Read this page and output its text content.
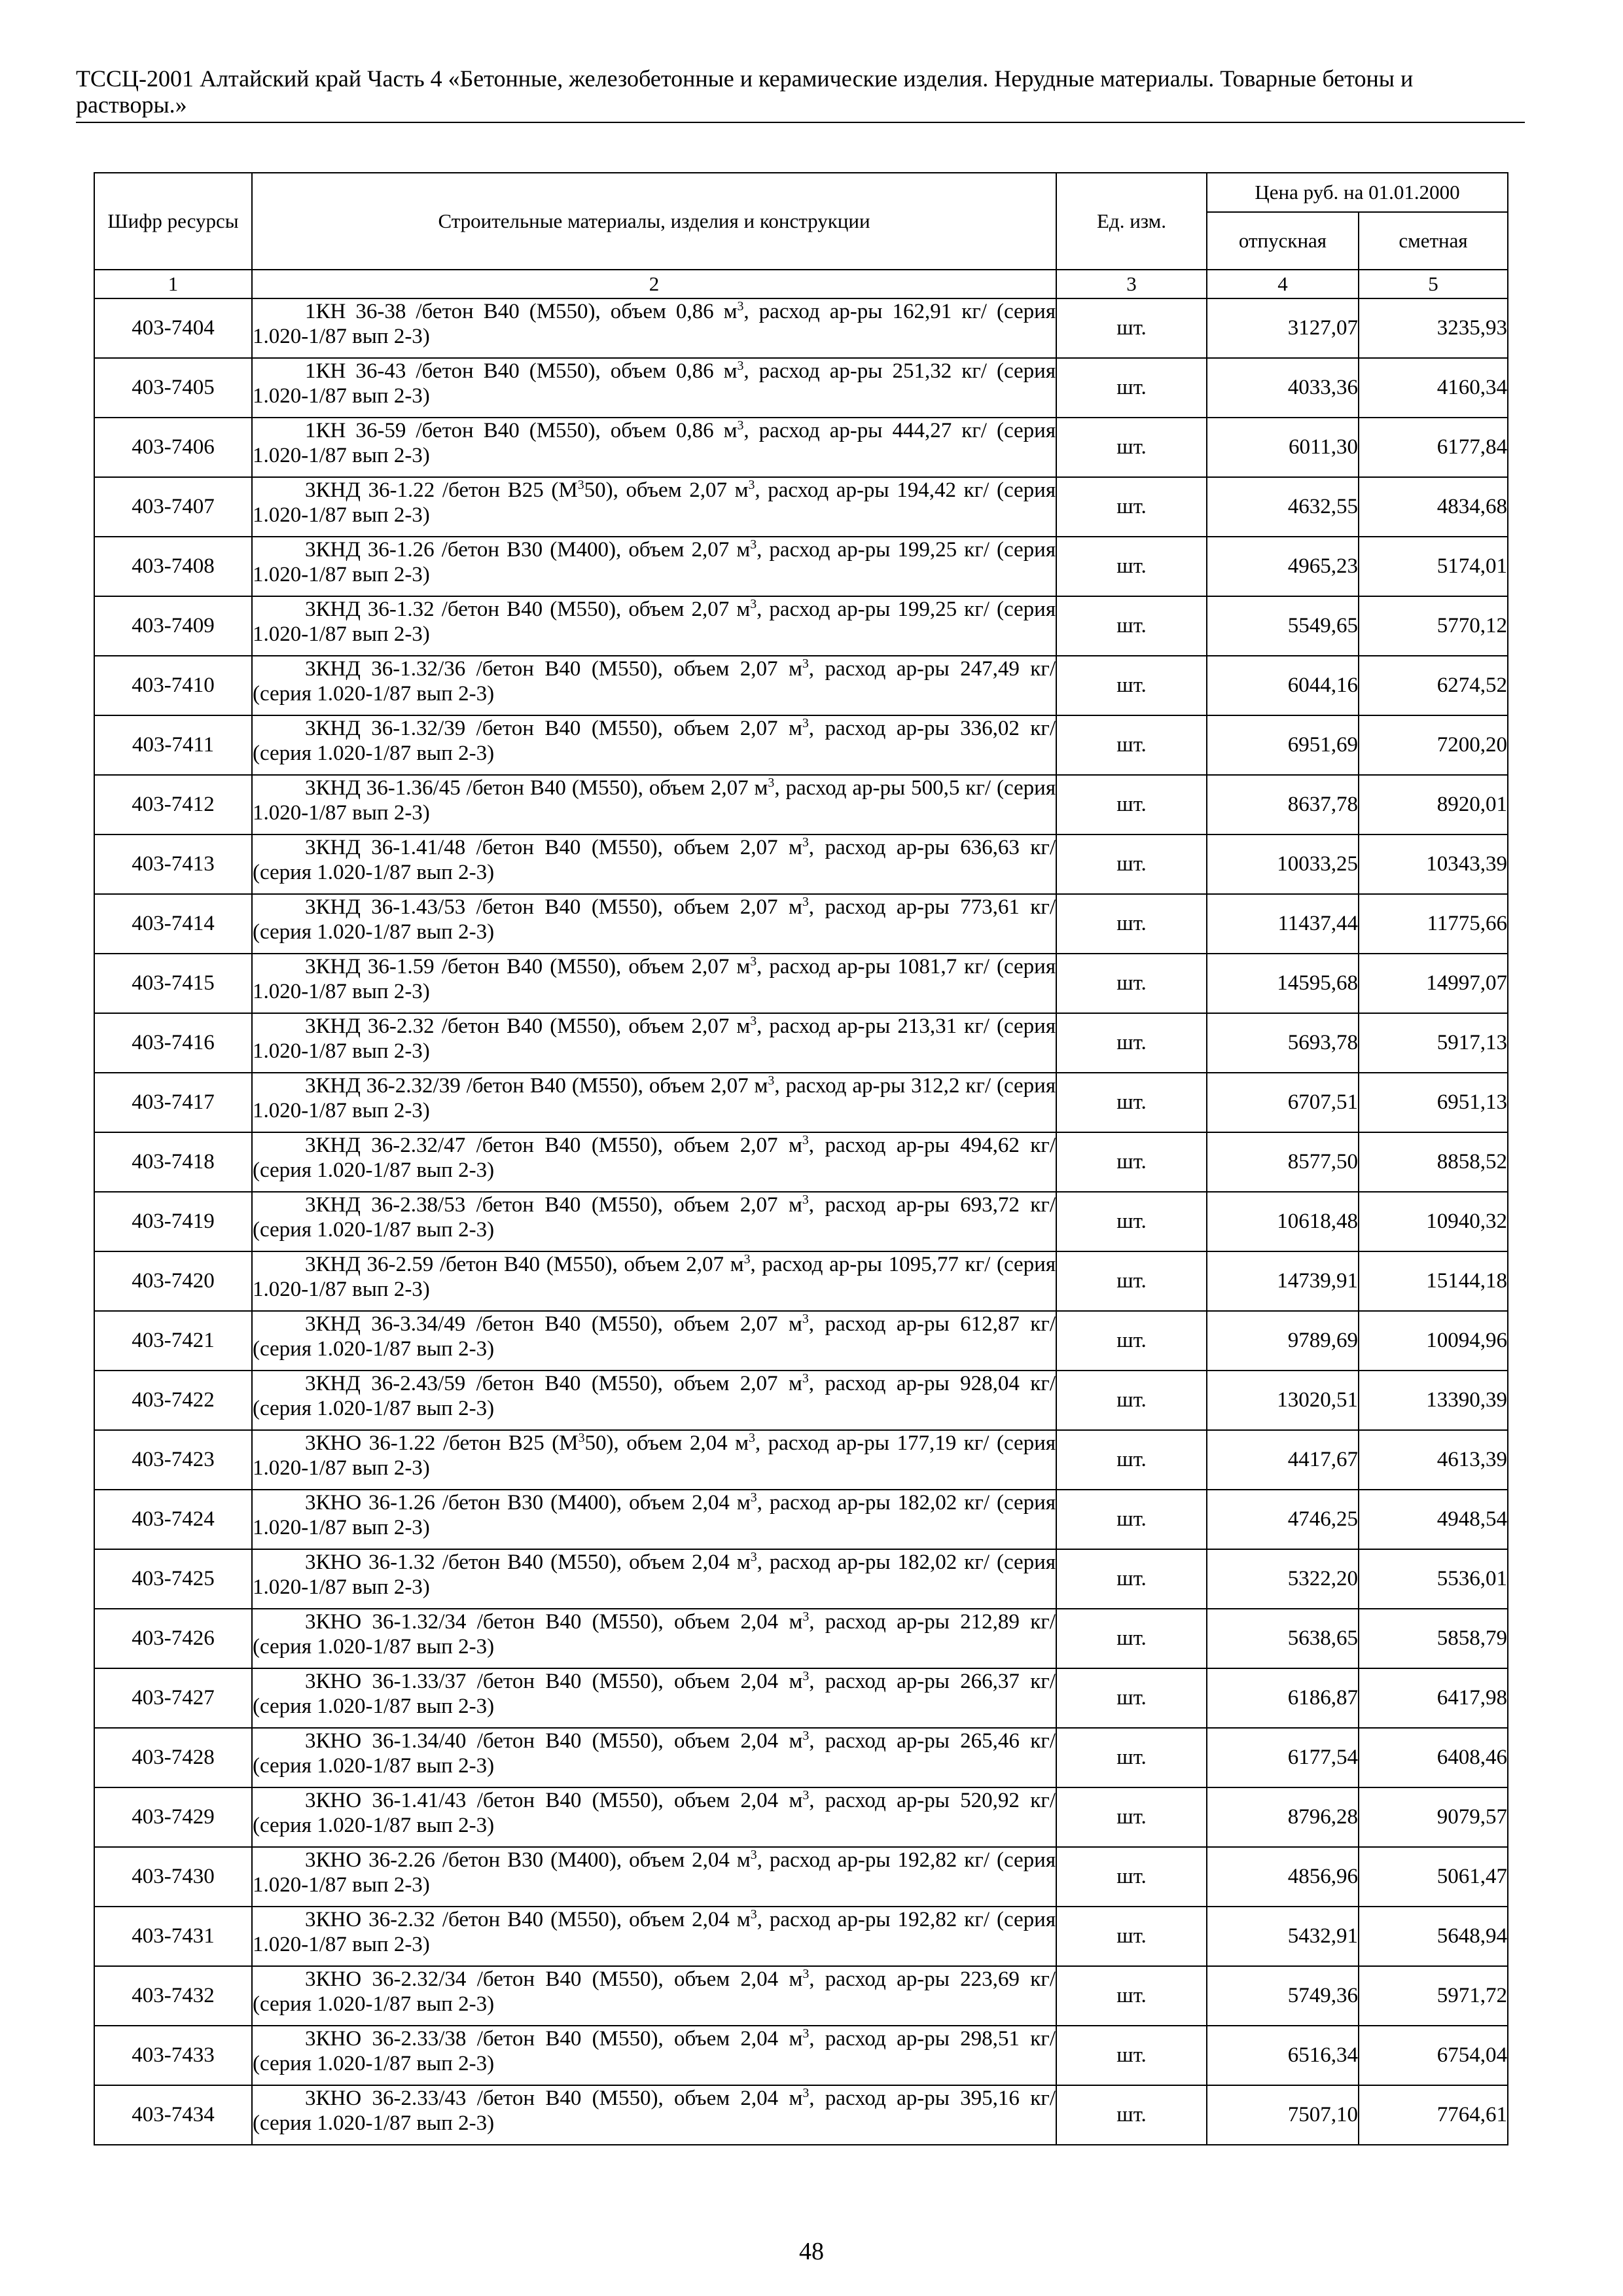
ТССЦ-2001 Алтайский край Часть 4 «Бетонные, железобетонные и керамические изделия. Нерудные материалы. Товарные бетоны и растворы.»
Шифр ресурсы	Строительные материалы, изделия и конструкции	Ед. изм.	Цена руб. на 01.01.2000	
			отпускная	сметная
1	2	3	4	5
403-7404	1КН 36-38 /бетон В40 (М550), объем 0,86 $м^3$, расход ар-ры 162,91 кг/ (серия 1.020-1/87 вып 2-3)	шт.	3127,07	3235,93
403-7405	1КН 36-43 /бетон В40 (М550), объем 0,86 $м^3$, расход ар-ры 251,32 кг/ (серия 1.020-1/87 вып 2-3)	шт.	4033,36	4160,34
403-7406	1КН 36-59 /бетон В40 (М550), объем 0,86 $м^3$, расход ар-ры 444,27 кг/ (серия 1.020-1/87 вып 2-3)	шт.	6011,30	6177,84
403-7407	3КНД 36-1.22 /бетон В25 $(М^350)$, объем 2,07 $м^3$, расход ар-ры 194,42 кг/ (серия 1.020-1/87 вып 2-3)	шт.	4632,55	4834,68
403-7408	3КНД 36-1.26 /бетон В30 (М400), объем 2,07 $м^3$, расход ар-ры 199,25 кг/ (серия 1.020-1/87 вып 2-3)	шт.	4965,23	5174,01
403-7409	3КНД 36-1.32 /бетон В40 (М550), объем 2,07 $м^3$, расход ар-ры 199,25 кг/ (серия 1.020-1/87 вып 2-3)	шт.	5549,65	5770,12
403-7410	3КНД 36-1.32/36 /бетон В40 (М550), объем 2,07 $м^3$, расход ар-ры 247,49 кг/ (серия 1.020-1/87 вып 2-3)	шт.	6044,16	6274,52
403-7411	3КНД 36-1.32/39 /бетон В40 (М550), объем 2,07 $м^3$, расход ар-ры 336,02 кг/ (серия 1.020-1/87 вып 2-3)	шт.	6951,69	7200,20
403-7412	3КНД 36-1.36/45 /бетон В40 (М550), объем 2,07 $м^3$, расход ар-ры 500,5 кг/ (серия 1.020-1/87 вып 2-3)	шт.	8637,78	8920,01
403-7413	3КНД 36-1.41/48 /бетон В40 (М550), объем 2,07 $м^3$, расход ар-ры 636,63 кг/ (серия 1.020-1/87 вып 2-3)	шт.	10033,25	10343,39
403-7414	3КНД 36-1.43/53 /бетон В40 (М550), объем 2,07 $м^3$, расход ар-ры 773,61 кг/ (серия 1.020-1/87 вып 2-3)	шт.	11437,44	11775,66
403-7415	3КНД 36-1.59 /бетон В40 (М550), объем 2,07 $м^3$, расход ар-ры 1081,7 кг/ (серия 1.020-1/87 вып 2-3)	шт.	14595,68	14997,07
403-7416	3КНД 36-2.32 /бетон В40 (М550), объем 2,07 $м^3$, расход ар-ры 213,31 кг/ (серия 1.020-1/87 вып 2-3)	шт.	5693,78	5917,13
403-7417	3КНД 36-2.32/39 /бетон В40 (М550), объем 2,07 $м^3$, расход ар-ры 312,2 кг/ (серия 1.020-1/87 вып 2-3)	шт.	6707,51	6951,13
403-7418	3КНД 36-2.32/47 /бетон В40 (М550), объем 2,07 $м^3$, расход ар-ры 494,62 кг/ (серия 1.020-1/87 вып 2-3)	шт.	8577,50	8858,52
403-7419	3КНД 36-2.38/53 /бетон В40 (М550), объем 2,07 $м^3$, расход ар-ры 693,72 кг/ (серия 1.020-1/87 вып 2-3)	шт.	10618,48	10940,32
403-7420	3КНД 36-2.59 /бетон В40 (М550), объем 2,07 $м^3$, расход ар-ры 1095,77 кг/ (серия 1.020-1/87 вып 2-3)	шт.	14739,91	15144,18
403-7421	3КНД 36-3.34/49 /бетон В40 (М550), объем 2,07 $м^3$, расход ар-ры 612,87 кг/ (серия 1.020-1/87 вып 2-3)	шт.	9789,69	10094,96
403-7422	3КНД 36-2.43/59 /бетон В40 (М550), объем 2,07 $м^3$, расход ар-ры 928,04 кг/ (серия 1.020-1/87 вып 2-3)	шт.	13020,51	13390,39
403-7423	3КНО 36-1.22 /бетон В25 $(М^350)$, объем 2,04 $м^3$, расход ар-ры 177,19 кг/ (серия 1.020-1/87 вып 2-3)	шт.	4417,67	4613,39
403-7424	3КНО 36-1.26 /бетон В30 (М400), объем 2,04 $м^3$, расход ар-ры 182,02 кг/ (серия 1.020-1/87 вып 2-3)	шт.	4746,25	4948,54
403-7425	3КНО 36-1.32 /бетон В40 (М550), объем 2,04 $м^3$, расход ар-ры 182,02 кг/ (серия 1.020-1/87 вып 2-3)	шт.	5322,20	5536,01
403-7426	3КНО 36-1.32/34 /бетон В40 (М550), объем 2,04 $м^3$, расход ар-ры 212,89 кг/ (серия 1.020-1/87 вып 2-3)	шт.	5638,65	5858,79
403-7427	3КНО 36-1.33/37 /бетон В40 (М550), объем 2,04 $м^3$, расход ар-ры 266,37 кг/ (серия 1.020-1/87 вып 2-3)	шт.	6186,87	6417,98
403-7428	3КНО 36-1.34/40 /бетон В40 (М550), объем 2,04 $м^3$, расход ар-ры 265,46 кг/ (серия 1.020-1/87 вып 2-3)	шт.	6177,54	6408,46
403-7429	3КНО 36-1.41/43 /бетон В40 (М550), объем 2,04 $м^3$, расход ар-ры 520,92 кг/ (серия 1.020-1/87 вып 2-3)	шт.	8796,28	9079,57
403-7430	3КНО 36-2.26 /бетон В30 (М400), объем 2,04 $м^3$, расход ар-ры 192,82 кг/ (серия 1.020-1/87 вып 2-3)	шт.	4856,96	5061,47
403-7431	3КНО 36-2.32 /бетон В40 (М550), объем 2,04 $м^3$, расход ар-ры 192,82 кг/ (серия 1.020-1/87 вып 2-3)	шт.	5432,91	5648,94
403-7432	3КНО 36-2.32/34 /бетон В40 (М550), объем 2,04 $м^3$, расход ар-ры 223,69 кг/ (серия 1.020-1/87 вып 2-3)	шт.	5749,36	5971,72
403-7433	3КНО 36-2.33/38 /бетон В40 (М550), объем 2,04 $м^3$, расход ар-ры 298,51 кг/ (серия 1.020-1/87 вып 2-3)	шт.	6516,34	6754,04
403-7434	3КНО 36-2.33/43 /бетон В40 (М550), объем 2,04 $м^3$, расход ар-ры 395,16 кг/ (серия 1.020-1/87 вып 2-3)	шт.	7507,10	7764,61
48
